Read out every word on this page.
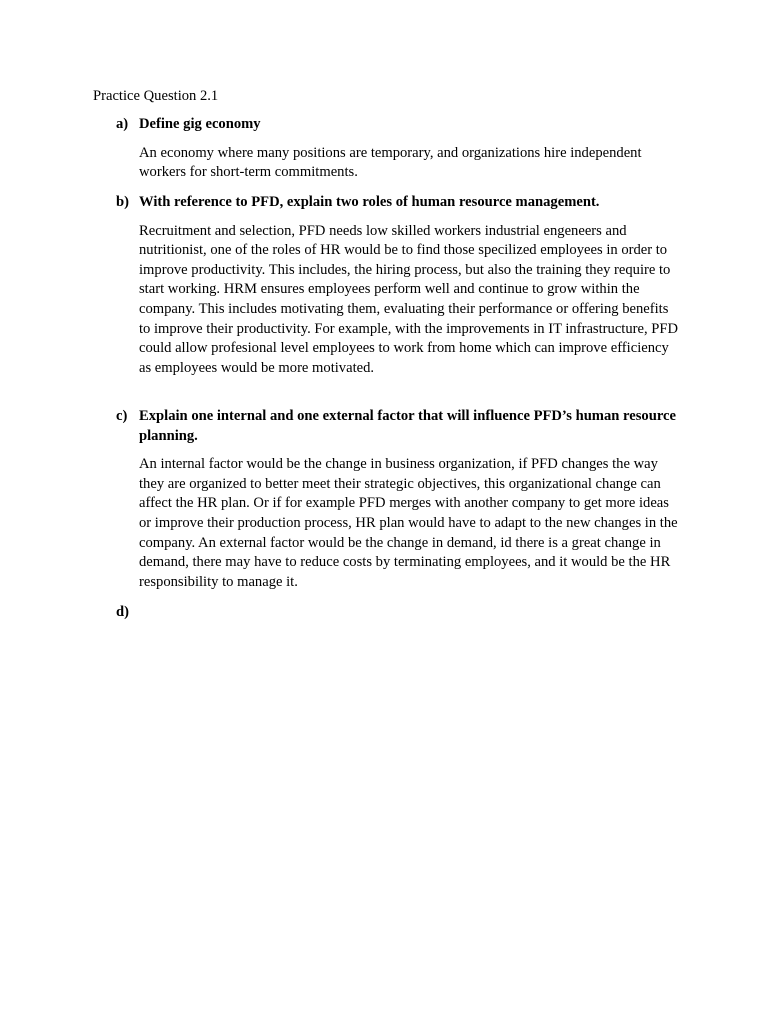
Practice Question 2.1
a) Define gig economy
An economy where many positions are temporary, and organizations hire independent workers for short-term commitments.
b) With reference to PFD, explain two roles of human resource management.
Recruitment and selection, PFD needs low skilled workers industrial engeneers and nutritionist, one of the roles of HR would be to find those specilized employees in order to improve productivity. This includes, the hiring process, but also the training they require to start working. HRM ensures employees perform well and continue to grow within the company. This includes motivating them, evaluating their performance or offering benefits to improve their productivity. For example, with the improvements in IT infrastructure, PFD could allow profesional level employees to work from home which can improve efficiency as employees would be more motivated.
c) Explain one internal and one external factor that will influence PFD’s human resource planning.
An internal factor would be the change in business organization, if PFD changes the way they are organized to better meet their strategic objectives, this organizational change can affect the HR plan. Or if for example PFD merges with another company to get more ideas or improve their production process, HR plan would have to adapt to the new changes in the company. An external factor would be the change in demand, id there is a great change in demand, there may have to reduce costs by terminating employees, and it would be the HR responsibility to manage it.
d)
